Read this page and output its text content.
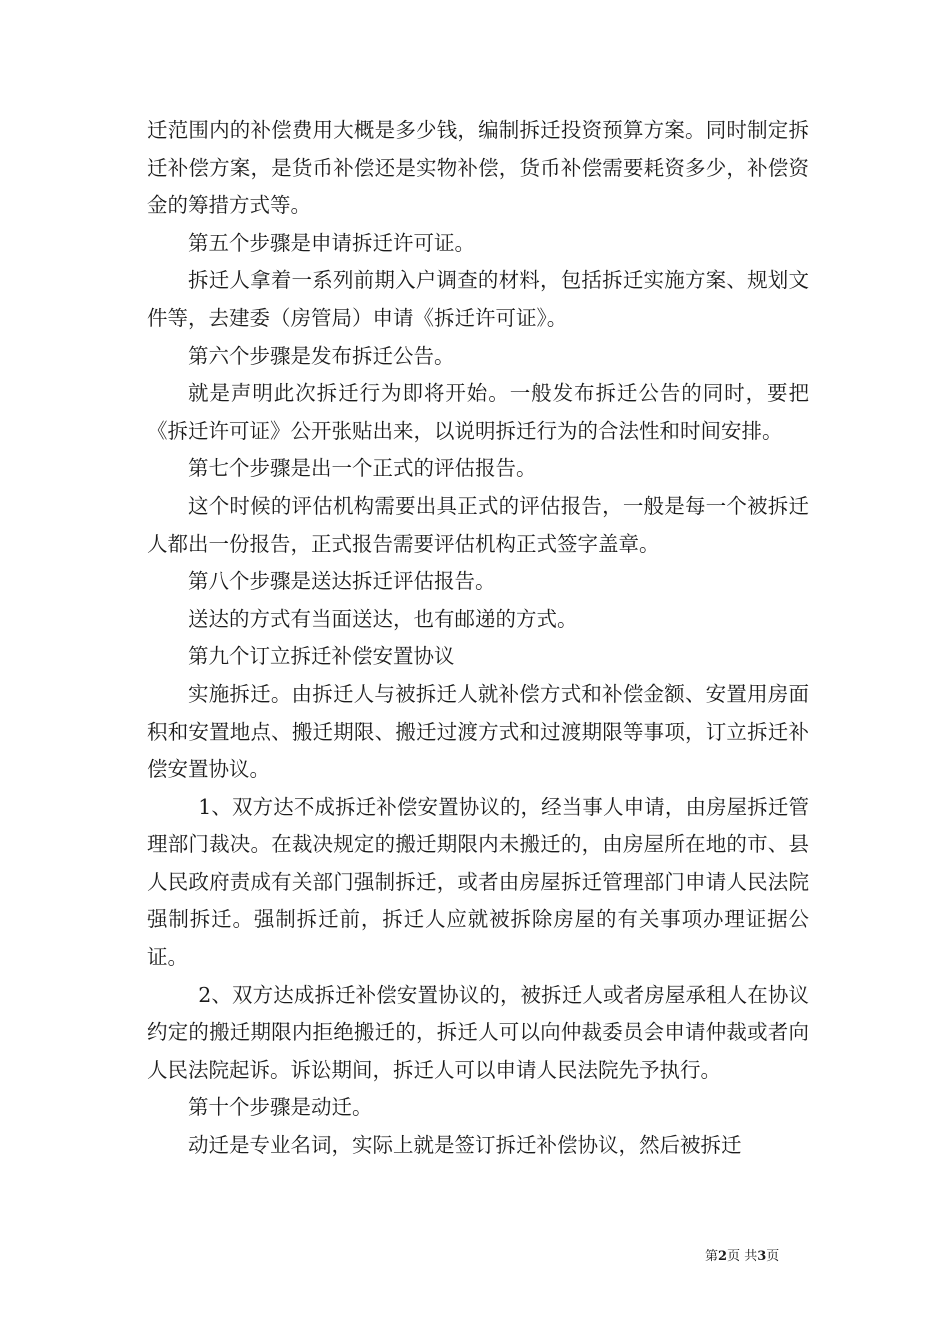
迁范围内的补偿费用大概是多少钱，编制拆迁投资预算方案。同时制定拆迁补偿方案，是货币补偿还是实物补偿，货币补偿需要耗资多少，补偿资金的筹措方式等。

第五个步骤是申请拆迁许可证。

拆迁人拿着一系列前期入户调查的材料，包括拆迁实施方案、规划文件等，去建委（房管局）申请《拆迁许可证》。

第六个步骤是发布拆迁公告。

就是声明此次拆迁行为即将开始。一般发布拆迁公告的同时，要把《拆迁许可证》公开张贴出来，以说明拆迁行为的合法性和时间安排。

第七个步骤是出一个正式的评估报告。

这个时候的评估机构需要出具正式的评估报告，一般是每一个被拆迁人都出一份报告，正式报告需要评估机构正式签字盖章。

第八个步骤是送达拆迁评估报告。

送达的方式有当面送达，也有邮递的方式。

第九个订立拆迁补偿安置协议

实施拆迁。由拆迁人与被拆迁人就补偿方式和补偿金额、安置用房面积和安置地点、搬迁期限、搬迁过渡方式和过渡期限等事项，订立拆迁补偿安置协议。

1、双方达不成拆迁补偿安置协议的，经当事人申请，由房屋拆迁管理部门裁决。在裁决规定的搬迁期限内未搬迁的，由房屋所在地的市、县人民政府责成有关部门强制拆迁，或者由房屋拆迁管理部门申请人民法院强制拆迁。强制拆迁前，拆迁人应就被拆除房屋的有关事项办理证据公证。

2、双方达成拆迁补偿安置协议的，被拆迁人或者房屋承租人在协议约定的搬迁期限内拒绝搬迁的，拆迁人可以向仲裁委员会申请仲裁或者向人民法院起诉。诉讼期间，拆迁人可以申请人民法院先予执行。

第十个步骤是动迁。

动迁是专业名词，实际上就是签订拆迁补偿协议，然后被拆迁

第2页 共3页
